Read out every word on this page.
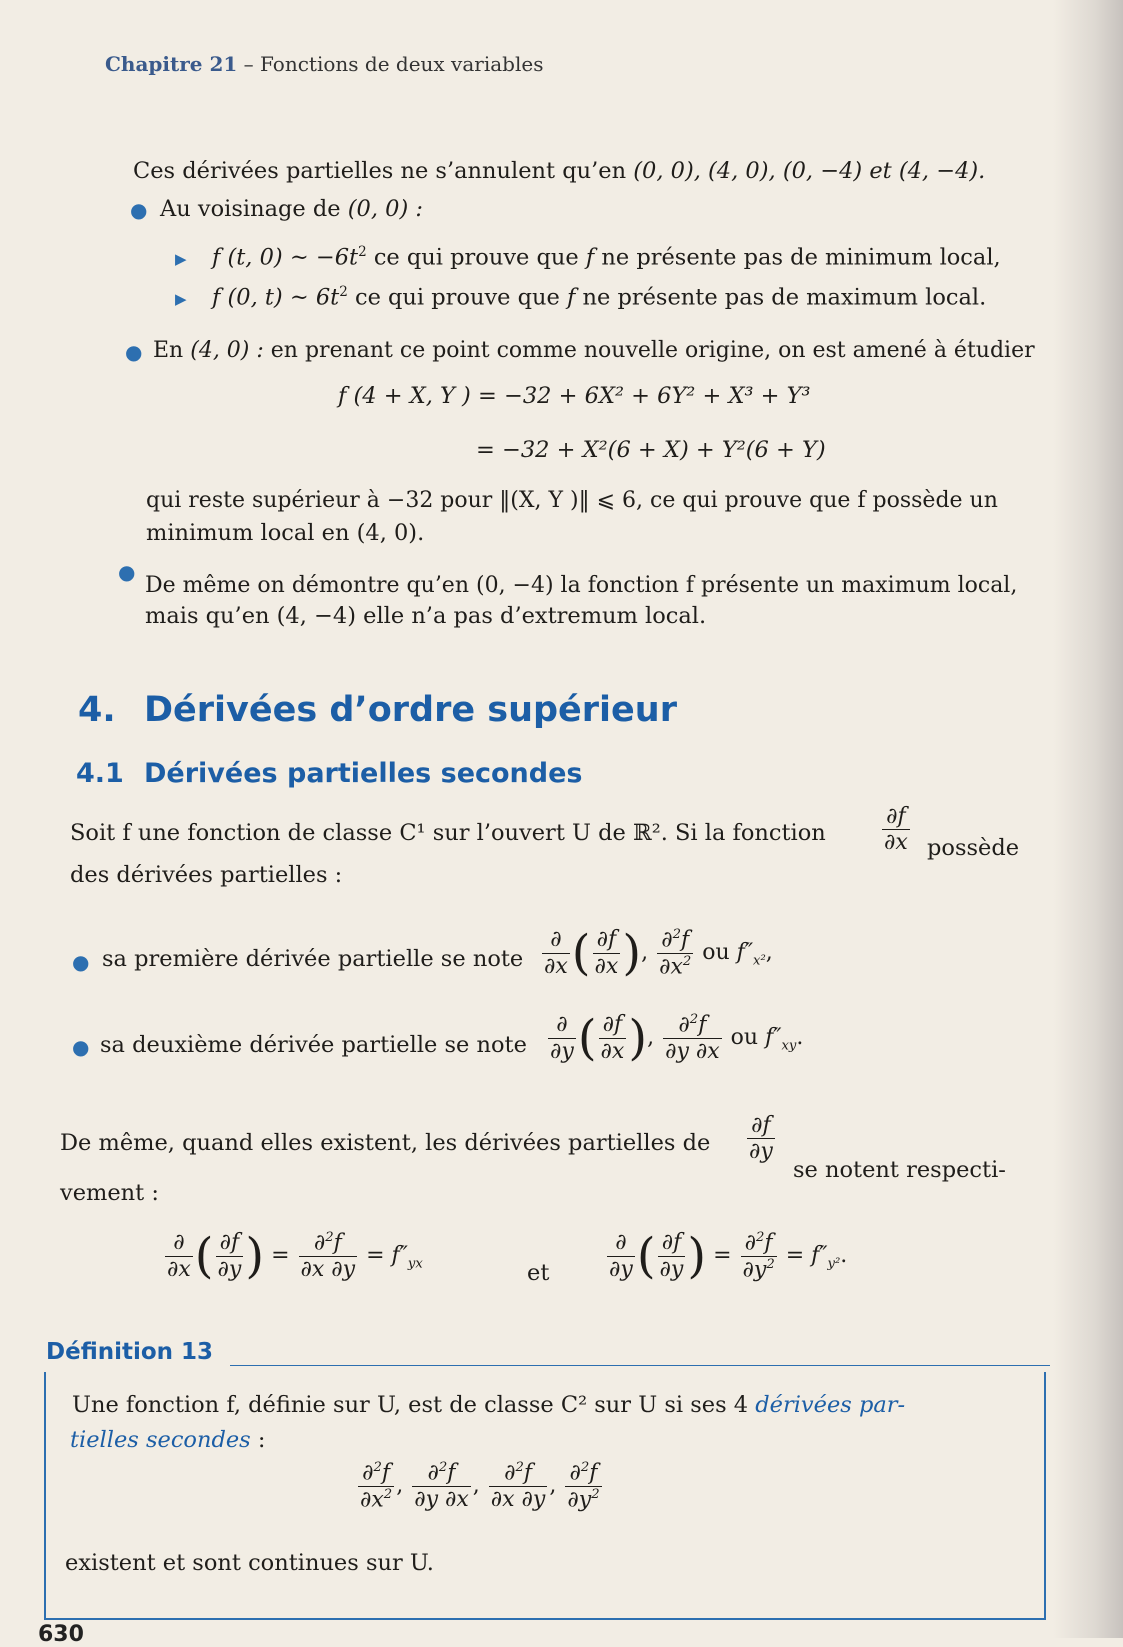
Chapitre 21 – Fonctions de deux variables
Ces dérivées partielles ne s’annulent qu’en (0, 0), (4, 0), (0, −4) et (4, −4).
● Au voisinage de (0, 0) :
▶ f (t, 0) ~ $-6t^2$ ce qui prouve que f ne présente pas de minimum local,
▶ f (0, t) ~ $6t^2$ ce qui prouve que f ne présente pas de maximum local.
● En (4, 0) : en prenant ce point comme nouvelle origine, on est amené à étudier
f (4 + X, Y ) = −32 + 6X² + 6Y² + X³ + Y³
= −32 + X²(6 + X) + Y²(6 + Y)
qui reste supérieur à −32 pour ‖(X, Y )‖ ⩽ 6, ce qui prouve que f possède un
minimum local en (4, 0).
●
De même on démontre qu’en (0, −4) la fonction f présente un maximum local,
mais qu’en (4, −4) elle n’a pas d’extremum local.
4. Dérivées d’ordre supérieur
4.1 Dérivées partielles secondes
Soit f une fonction de classe C¹ sur l’ouvert U de ℝ². Si la fonction	$\frac{\partial f}{\partial x}$ possède
des dérivées partielles :
● sa première dérivée partielle se note $\frac{\partial}{\partial x}$ ( $\frac{\partial f}{\partial x}$ ), $\frac{\partial^2f}{\partial x^2}$ ou $f''_{x^2}$,
● sa deuxième dérivée partielle se note $\frac{\partial}{\partial y}$ ( $\frac{\partial f}{\partial x}$ ), $\frac{\partial^2f}{\partial y \partial x}$ ou $f''_{xy}$.
De même, quand elles existent, les dérivées partielles de $\frac{\partial f}{\partial y}$
se notent respecti-
vement :
$\frac{\partial}{\partial x}$ ( $\frac{\partial f}{\partial y}$ ) = $\frac{\partial^2f}{\partial x \partial y} = f''_{yx}$	et	$\frac{\partial}{\partial y}$ ( $\frac{\partial f}{\partial y}$ ) = $\frac{\partial^2f}{\partial y^2} = f''_{y^2}$.
Définition 13
Une fonction f, définie sur U, est de classe C² sur U si ses 4 dérivées par-
tielles secondes :
$\frac{\partial^2f}{\partial x^2}$ , $\frac{\partial^2f}{\partial y \partial x}$ , $\frac{\partial^2f}{\partial x \partial y}$ , $\frac{\partial^2f}{\partial y^2}$
existent et sont continues sur U.
630
